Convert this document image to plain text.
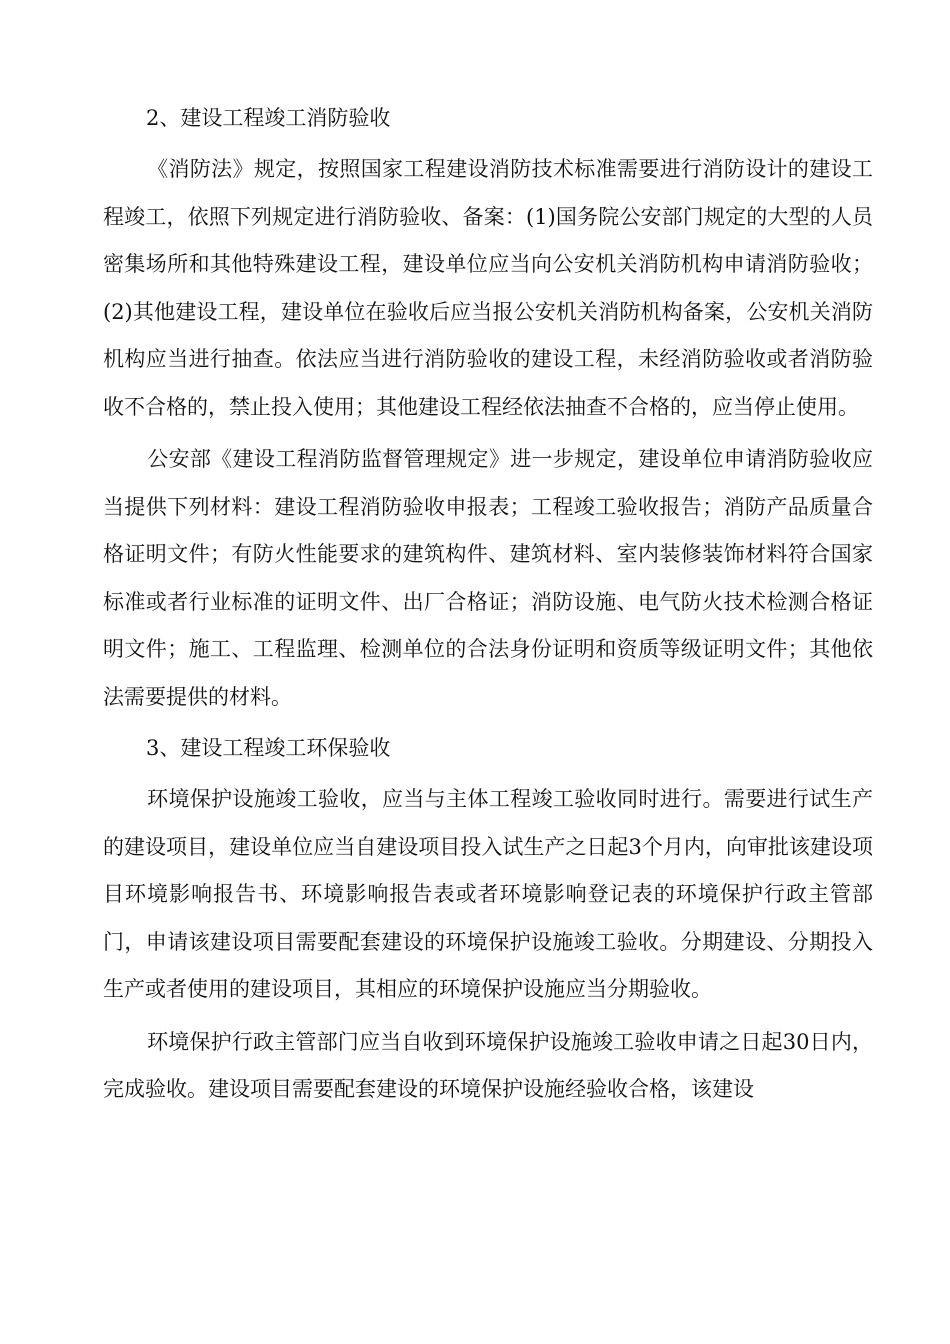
2、建设工程竣工消防验收

《消防法》规定，按照国家工程建设消防技术标准需要进行消防设计的建设工程竣工，依照下列规定进行消防验收、备案：(1)国务院公安部门规定的大型的人员密集场所和其他特殊建设工程，建设单位应当向公安机关消防机构申请消防验收；(2)其他建设工程，建设单位在验收后应当报公安机关消防机构备案，公安机关消防机构应当进行抽查。依法应当进行消防验收的建设工程，未经消防验收或者消防验收不合格的，禁止投入使用；其他建设工程经依法抽查不合格的，应当停止使用。

公安部《建设工程消防监督管理规定》进一步规定，建设单位申请消防验收应当提供下列材料：建设工程消防验收申报表；工程竣工验收报告；消防产品质量合格证明文件；有防火性能要求的建筑构件、建筑材料、室内装修装饰材料符合国家标准或者行业标准的证明文件、出厂合格证；消防设施、电气防火技术检测合格证明文件；施工、工程监理、检测单位的合法身份证明和资质等级证明文件；其他依法需要提供的材料。

3、建设工程竣工环保验收

环境保护设施竣工验收，应当与主体工程竣工验收同时进行。需要进行试生产的建设项目，建设单位应当自建设项目投入试生产之日起3个月内，向审批该建设项目环境影响报告书、环境影响报告表或者环境影响登记表的环境保护行政主管部门，申请该建设项目需要配套建设的环境保护设施竣工验收。分期建设、分期投入生产或者使用的建设项目，其相应的环境保护设施应当分期验收。

环境保护行政主管部门应当自收到环境保护设施竣工验收申请之日起30日内，完成验收。建设项目需要配套建设的环境保护设施经验收合格，该建设
